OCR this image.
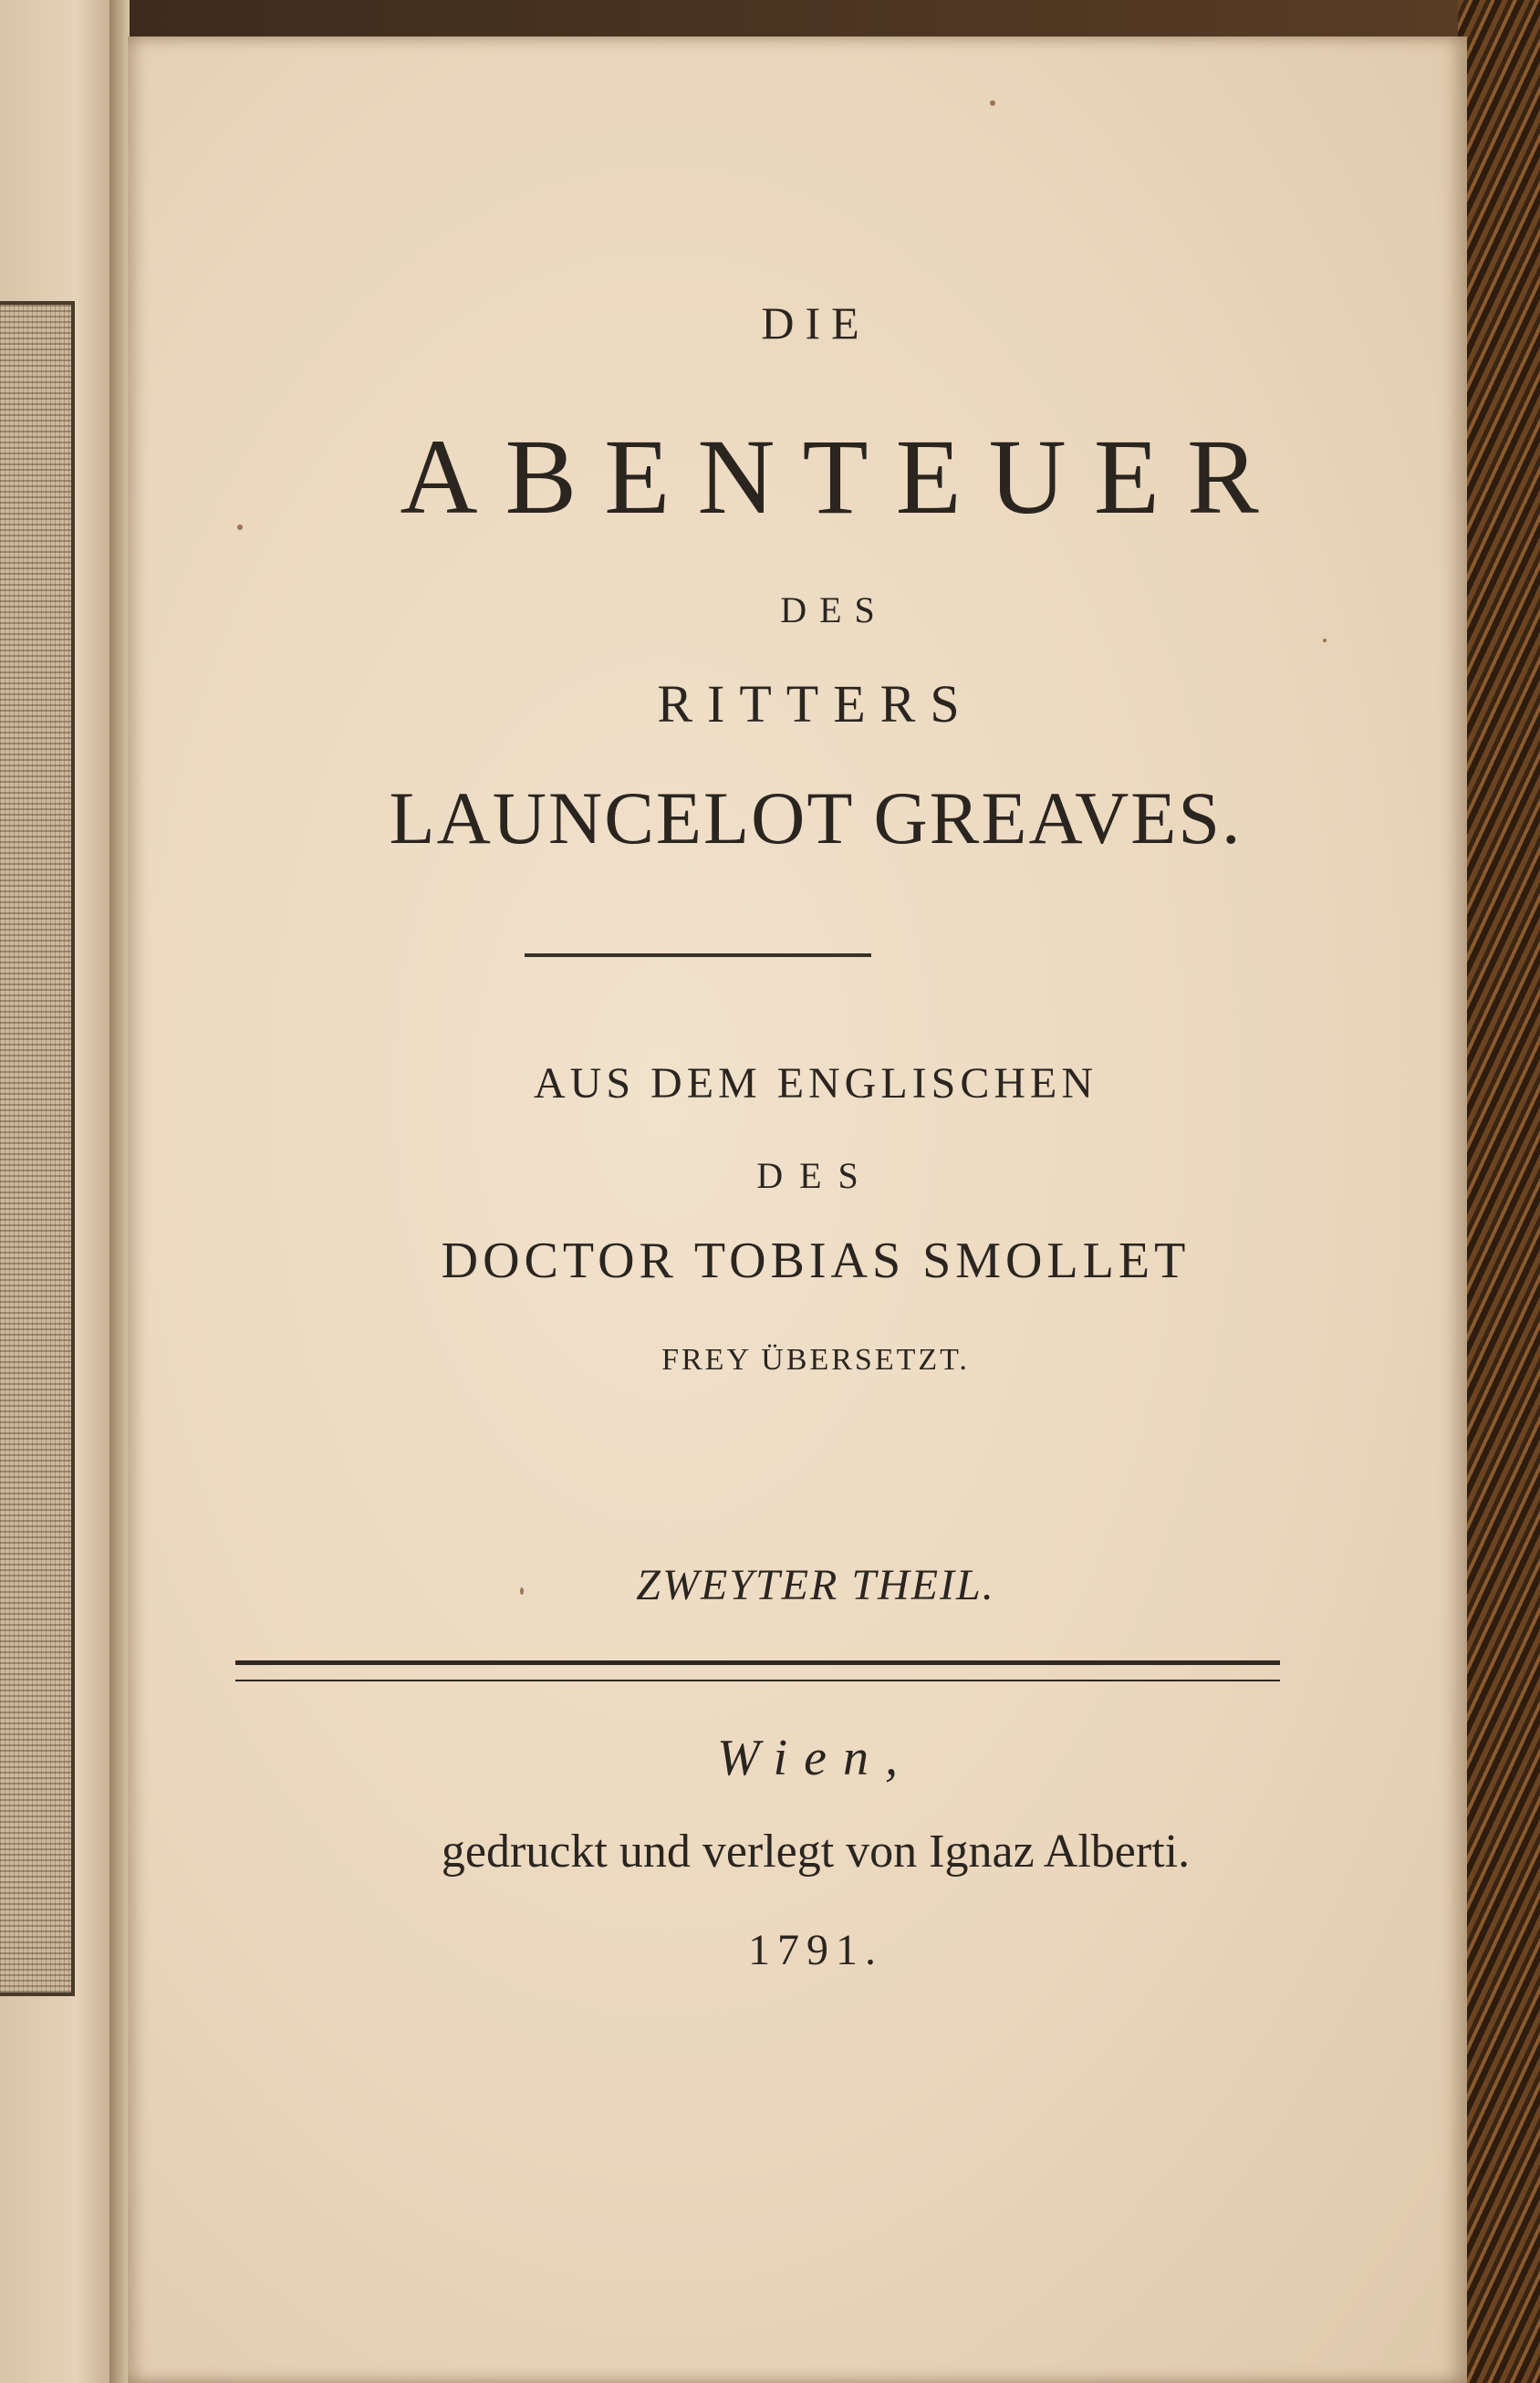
DIE
ABENTEUER
DES
RITTERS
LAUNCELOT GREAVES.
AUS DEM ENGLISCHEN
DES
DOCTOR TOBIAS SMOLLET
FREY ÜBERSETZT.
ZWEYTER THEIL.
Wien,
gedruckt und verlegt von Ignaz Alberti.
1791.
